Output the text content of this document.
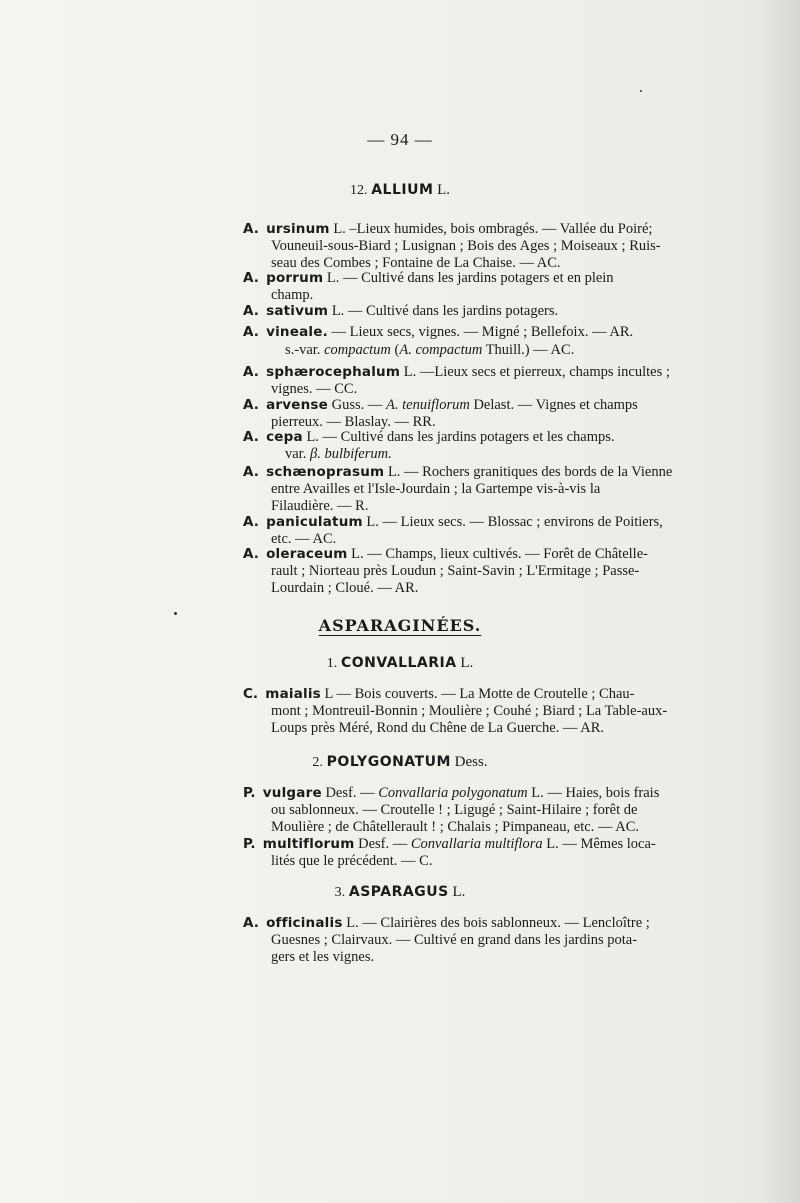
— 94 —
12. ALLIUM L.
A. ursinum L. –Lieux humides, bois ombragés. — Vallée du Poiré;
Vouneuil-sous-Biard ; Lusignan ; Bois des Ages ; Moiseaux ; Ruis-
seau des Combes ; Fontaine de La Chaise. — AC.
A. porrum L. — Cultivé dans les jardins potagers et en plein
champ.
A. sativum L. — Cultivé dans les jardins potagers.
A. vineale. — Lieux secs, vignes. — Migné ; Bellefoix. — AR.
s.-var. compactum (A. compactum Thuill.) — AC.
A. sphærocephalum L. —Lieux secs et pierreux, champs incultes ;
vignes. — CC.
A. arvense Guss. — A. tenuiflorum Delast. — Vignes et champs
pierreux. — Blaslay. — RR.
A. cepa L. — Cultivé dans les jardins potagers et les champs.
var. β. bulbiferum.
A. schænoprasum L. — Rochers granitiques des bords de la Vienne
entre Availles et l'Isle-Jourdain ; la Gartempe vis-à-vis la
Filaudière. — R.
A. paniculatum L. — Lieux secs. — Blossac ; environs de Poitiers,
etc. — AC.
A. oleraceum L. — Champs, lieux cultivés. — Forêt de Châtelle-
rault ; Niorteau près Loudun ; Saint-Savin ; L'Ermitage ; Passe-
Lourdain ; Cloué. — AR.
ASPARAGINÉES.
1. CONVALLARIA L.
C. maialis L — Bois couverts. — La Motte de Croutelle ; Chau-
mont ; Montreuil-Bonnin ; Moulière ; Couhé ; Biard ; La Table-aux-
Loups près Méré, Rond du Chêne de La Guerche. — AR.
2. POLYGONATUM Dess.
P. vulgare Desf. — Convallaria polygonatum L. — Haies, bois frais
ou sablonneux. — Croutelle ! ; Ligugé ; Saint-Hilaire ; forêt de
Moulière ; de Châtellerault ! ; Chalais ; Pimpaneau, etc. — AC.
P. multiflorum Desf. — Convallaria multiflora L. — Mêmes loca-
lités que le précédent. — C.
3. ASPARAGUS L.
A. officinalis L. — Clairières des bois sablonneux. — Lencloître ;
Guesnes ; Clairvaux. — Cultivé en grand dans les jardins pota-
gers et les vignes.
